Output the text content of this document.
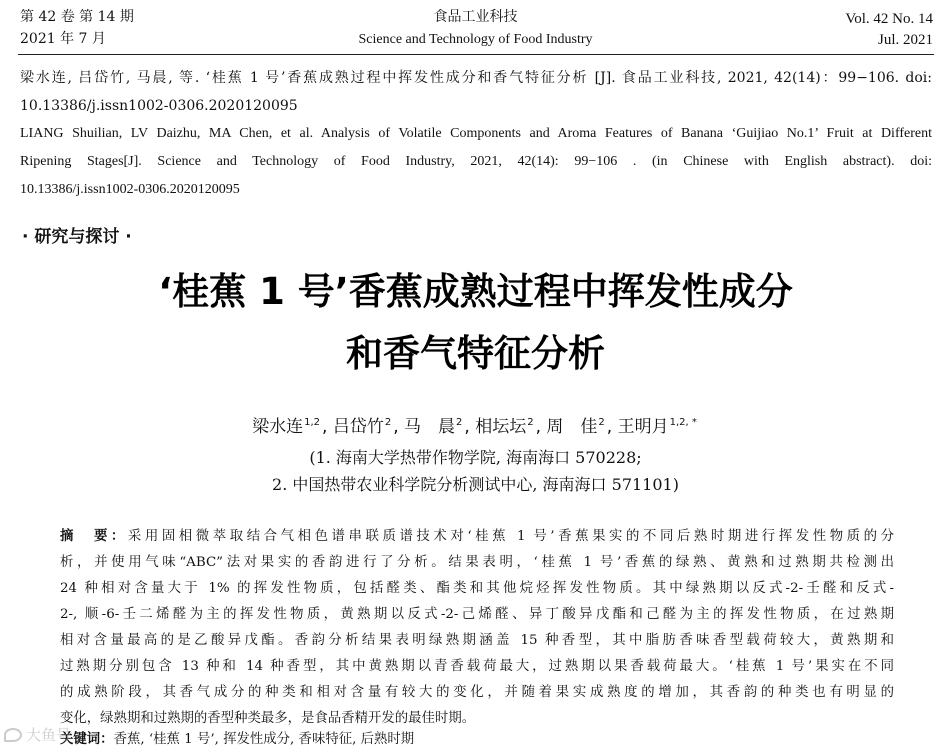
第 42 卷 第 14 期
2021 年 7 月
食品工业科技
Science and Technology of Food Industry
Vol. 42 No. 14
Jul. 2021
梁水连, 吕岱竹, 马晨, 等. ‘桂蕉 1 号’香蕉成熟过程中挥发性成分和香气特征分析 [J]. 食品工业科技, 2021, 42(14)：99−106. doi:
10.13386/j.issn1002-0306.2020120095
LIANG Shuilian, LV Daizhu, MA Chen, et al. Analysis of Volatile Components and Aroma Features of Banana ‘Guijiao No.1’ Fruit at Different
Ripening Stages[J]. Science and Technology of Food Industry, 2021, 42(14): 99−106 . (in Chinese with English abstract). doi:
10.13386/j.issn1002-0306.2020120095
· 研究与探讨 ·
‘桂蕉 1 号’香蕉成熟过程中挥发性成分
和香气特征分析
梁水连$^{1,2}$ , 吕岱竹$^2$ , 马　晨$^2$ , 相坛坛$^2$ , 周　佳$^2$ , 王明月$^{1,2, *}$
(1. 海南大学热带作物学院, 海南海口 570228;
2. 中国热带农业科学院分析测试中心, 海南海口 571101)
摘　要：采用固相微萃取结合气相色谱串联质谱技术对‘桂蕉 1 号’香蕉果实的不同后熟时期进行挥发性物质的分
析，并使用气味“ABC”法对果实的香韵进行了分析。结果表明，‘桂蕉 1 号’香蕉的绿熟、黄熟和过熟期共检测出
24 种相对含量大于 1% 的挥发性物质，包括醛类、酯类和其他烷烃挥发性物质。其中绿熟期以反式-2-壬醛和反式-
2-, 顺-6-壬二烯醛为主的挥发性物质，黄熟期以反式-2-己烯醛、异丁酸异戊酯和己醛为主的挥发性物质，在过熟期
相对含量最高的是乙酸异戊酯。香韵分析结果表明绿熟期涵盖 15 种香型，其中脂肪香味香型载荷较大，黄熟期和
过熟期分别包含 13 种和 14 种香型，其中黄熟期以青香载荷最大，过熟期以果香载荷最大。‘桂蕉 1 号’果实在不同
的成熟阶段，其香气成分的种类和相对含量有较大的变化，并随着果实成熟度的增加，其香韵的种类也有明显的
变化，绿熟期和过熟期的香型种类最多，是食品香精开发的最佳时期。
关键词：香蕉, ‘桂蕉 1 号’, 挥发性成分, 香味特征, 后熟时期
大鱼号
